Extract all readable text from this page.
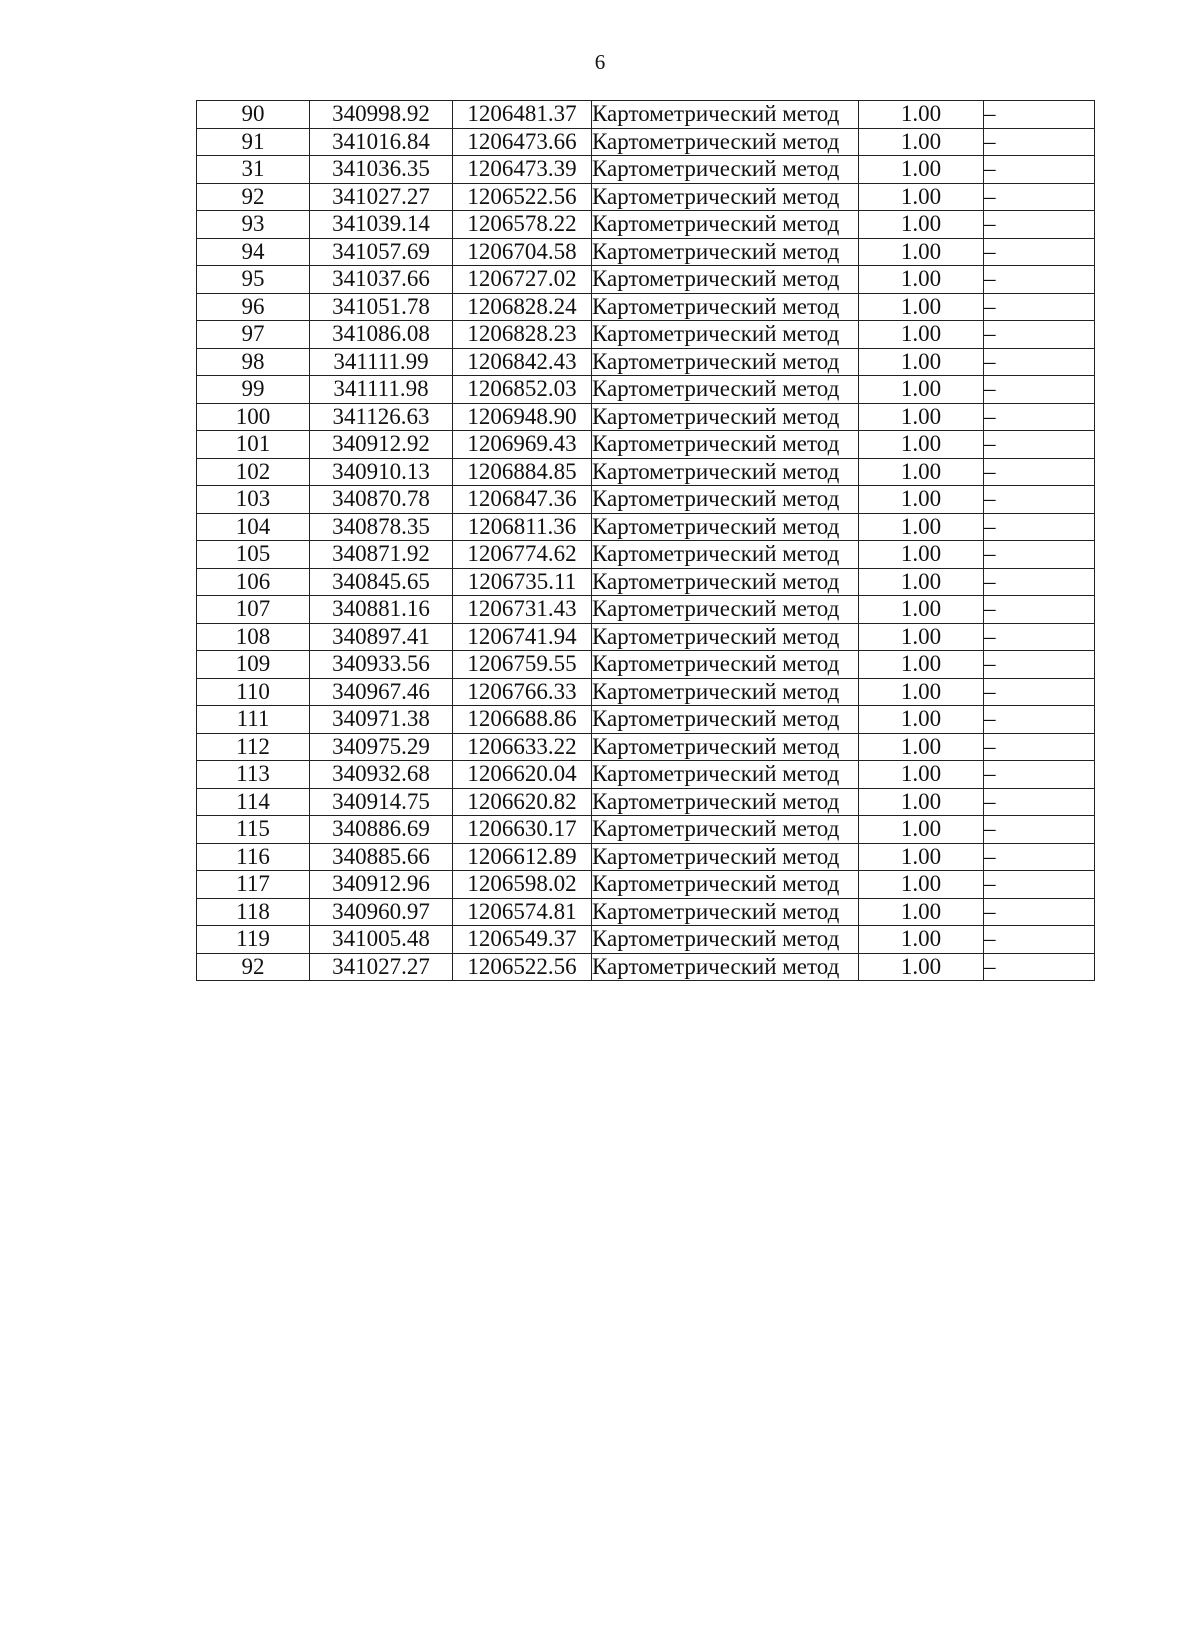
6
90	340998.92	1206481.37	Картометрический метод	1.00	–
91	341016.84	1206473.66	Картометрический метод	1.00	–
31	341036.35	1206473.39	Картометрический метод	1.00	–
92	341027.27	1206522.56	Картометрический метод	1.00	–
93	341039.14	1206578.22	Картометрический метод	1.00	–
94	341057.69	1206704.58	Картометрический метод	1.00	–
95	341037.66	1206727.02	Картометрический метод	1.00	–
96	341051.78	1206828.24	Картометрический метод	1.00	–
97	341086.08	1206828.23	Картометрический метод	1.00	–
98	341111.99	1206842.43	Картометрический метод	1.00	–
99	341111.98	1206852.03	Картометрический метод	1.00	–
100	341126.63	1206948.90	Картометрический метод	1.00	–
101	340912.92	1206969.43	Картометрический метод	1.00	–
102	340910.13	1206884.85	Картометрический метод	1.00	–
103	340870.78	1206847.36	Картометрический метод	1.00	–
104	340878.35	1206811.36	Картометрический метод	1.00	–
105	340871.92	1206774.62	Картометрический метод	1.00	–
106	340845.65	1206735.11	Картометрический метод	1.00	–
107	340881.16	1206731.43	Картометрический метод	1.00	–
108	340897.41	1206741.94	Картометрический метод	1.00	–
109	340933.56	1206759.55	Картометрический метод	1.00	–
110	340967.46	1206766.33	Картометрический метод	1.00	–
111	340971.38	1206688.86	Картометрический метод	1.00	–
112	340975.29	1206633.22	Картометрический метод	1.00	–
113	340932.68	1206620.04	Картометрический метод	1.00	–
114	340914.75	1206620.82	Картометрический метод	1.00	–
115	340886.69	1206630.17	Картометрический метод	1.00	–
116	340885.66	1206612.89	Картометрический метод	1.00	–
117	340912.96	1206598.02	Картометрический метод	1.00	–
118	340960.97	1206574.81	Картометрический метод	1.00	–
119	341005.48	1206549.37	Картометрический метод	1.00	–
92	341027.27	1206522.56	Картометрический метод	1.00	–
